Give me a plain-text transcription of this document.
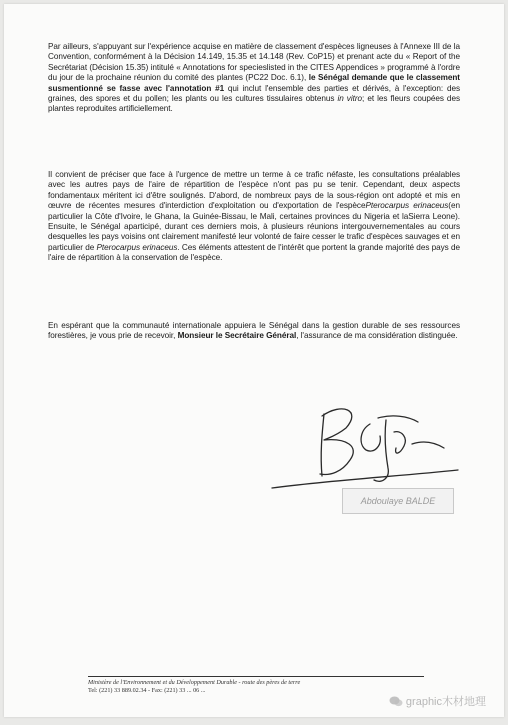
Par ailleurs, s'appuyant sur l'expérience acquise en matière de classement d'espèces ligneuses à l'Annexe III de la Convention, conformément à la Décision 14.149, 15.35 et 14.148 (Rev. CoP15) et prenant acte du « Report of the Secrétariat (Décision 15.35) intitulé « Annotations for specieslisted in the CITES Appendices » programmé à l'ordre du jour de la prochaine réunion du comité des plantes (PC22 Doc. 6.1), le Sénégal demande que le classement susmentionné se fasse avec l'annotation #1 qui inclut l'ensemble des parties et dérivés, à l'exception: des graines, des spores et du pollen; les plants ou les cultures tissulaires obtenus in vitro; et les fleurs coupées des plantes reproduites artificiellement.

Il convient de préciser que face à l'urgence de mettre un terme à ce trafic néfaste, les consultations préalables avec les autres pays de l'aire de répartition de l'espèce n'ont pas pu se tenir. Cependant, deux aspects fondamentaux méritent ici d'être soulignés. D'abord, de nombreux pays de la sous-région ont adopté et mis en œuvre de récentes mesures d'interdiction d'exploitation ou d'exportation de l'espècePterocarpus erinaceus(en particulier la Côte d'Ivoire, le Ghana, la Guinée-Bissau, le Mali, certaines provinces du Nigeria et laSierra Leone). Ensuite, le Sénégal aparticipé, durant ces derniers mois, à plusieurs réunions intergouvernementales au cours desquelles les pays voisins ont clairement manifesté leur volonté de faire cesser le trafic d'espèces sauvages et en particulier de Pterocarpus erinaceus. Ces éléments attestent de l'intérêt que portent la grande majorité des pays de l'aire de répartition à la conservation de l'espèce.

En espérant que la communauté internationale appuiera le Sénégal dans la gestion durable de ses ressources forestières, je vous prie de recevoir, Monsieur le Secrétaire Général, l'assurance de ma considération distinguée.

Abdoulaye BALDE
Ministère de l'Environnement et du Développement Durable - route des pères de terre
Tel: (221) 33 889.02.34 - Fax: (221) 33 ... 06 ...
graphic木材地理
